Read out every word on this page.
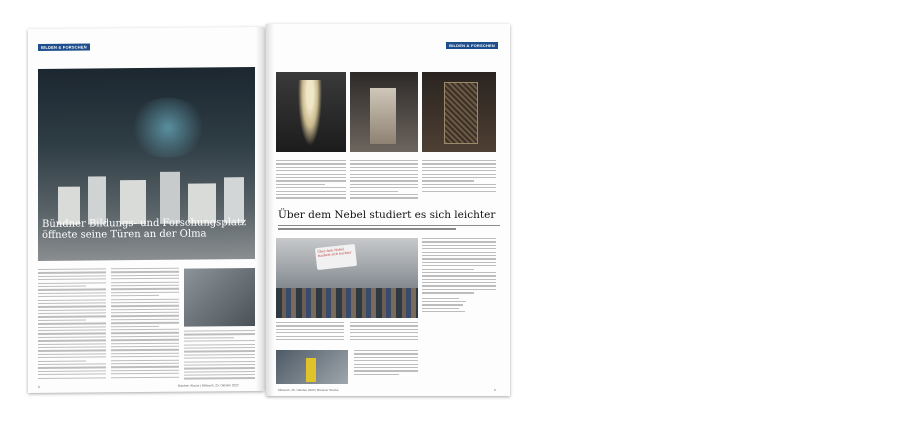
BILDEN & FORSCHEN
Bündner Bildungs- und Forschungsplatz
öffnete seine Türen an der Olma
8	Bündner Woche | Mittwoch, 25. Oktober 2023
BILDEN & FORSCHEN
Über dem Nebel studiert es sich leichter
Über dem Nebel studiert sich leichter
Mittwoch, 25. Oktober 2023 | Bündner Woche	9
